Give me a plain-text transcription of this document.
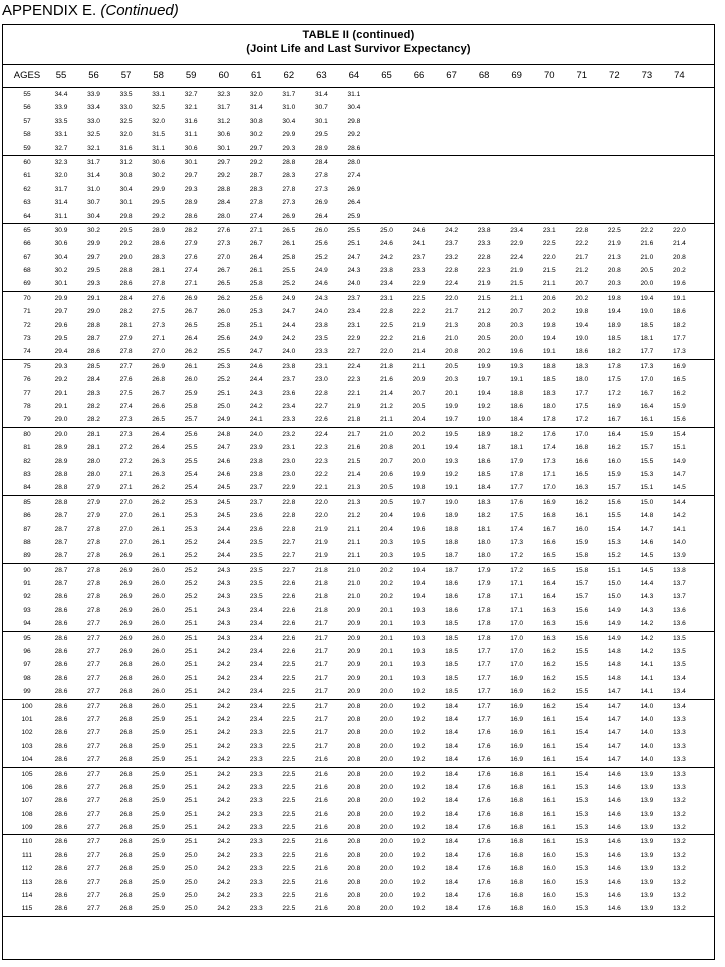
APPENDIX E. (Continued)
TABLE II (continued)
(Joint Life and Last Survivor Expectancy)
AGES	55	56	57	58	59	60	61	62	63	64	65	66	67	68	69	70	71	72	73	74
55	34.4	33.9	33.5	33.1	32.7	32.3	32.0	31.7	31.4	31.1
56	33.9	33.4	33.0	32.5	32.1	31.7	31.4	31.0	30.7	30.4
57	33.5	33.0	32.5	32.0	31.6	31.2	30.8	30.4	30.1	29.8
58	33.1	32.5	32.0	31.5	31.1	30.6	30.2	29.9	29.5	29.2
59	32.7	32.1	31.6	31.1	30.6	30.1	29.7	29.3	28.9	28.6
60	32.3	31.7	31.2	30.6	30.1	29.7	29.2	28.8	28.4	28.0
61	32.0	31.4	30.8	30.2	29.7	29.2	28.7	28.3	27.8	27.4
62	31.7	31.0	30.4	29.9	29.3	28.8	28.3	27.8	27.3	26.9
63	31.4	30.7	30.1	29.5	28.9	28.4	27.8	27.3	26.9	26.4
64	31.1	30.4	29.8	29.2	28.6	28.0	27.4	26.9	26.4	25.9
65	30.9	30.2	29.5	28.9	28.2	27.6	27.1	26.5	26.0	25.5	25.0	24.6	24.2	23.8	23.4	23.1	22.8	22.5	22.2	22.0
66	30.6	29.9	29.2	28.6	27.9	27.3	26.7	26.1	25.6	25.1	24.6	24.1	23.7	23.3	22.9	22.5	22.2	21.9	21.6	21.4
67	30.4	29.7	29.0	28.3	27.6	27.0	26.4	25.8	25.2	24.7	24.2	23.7	23.2	22.8	22.4	22.0	21.7	21.3	21.0	20.8
68	30.2	29.5	28.8	28.1	27.4	26.7	26.1	25.5	24.9	24.3	23.8	23.3	22.8	22.3	21.9	21.5	21.2	20.8	20.5	20.2
69	30.1	29.3	28.6	27.8	27.1	26.5	25.8	25.2	24.6	24.0	23.4	22.9	22.4	21.9	21.5	21.1	20.7	20.3	20.0	19.6
70	29.9	29.1	28.4	27.6	26.9	26.2	25.6	24.9	24.3	23.7	23.1	22.5	22.0	21.5	21.1	20.6	20.2	19.8	19.4	19.1
71	29.7	29.0	28.2	27.5	26.7	26.0	25.3	24.7	24.0	23.4	22.8	22.2	21.7	21.2	20.7	20.2	19.8	19.4	19.0	18.6
72	29.6	28.8	28.1	27.3	26.5	25.8	25.1	24.4	23.8	23.1	22.5	21.9	21.3	20.8	20.3	19.8	19.4	18.9	18.5	18.2
73	29.5	28.7	27.9	27.1	26.4	25.6	24.9	24.2	23.5	22.9	22.2	21.6	21.0	20.5	20.0	19.4	19.0	18.5	18.1	17.7
74	29.4	28.6	27.8	27.0	26.2	25.5	24.7	24.0	23.3	22.7	22.0	21.4	20.8	20.2	19.6	19.1	18.6	18.2	17.7	17.3
75	29.3	28.5	27.7	26.9	26.1	25.3	24.6	23.8	23.1	22.4	21.8	21.1	20.5	19.9	19.3	18.8	18.3	17.8	17.3	16.9
76	29.2	28.4	27.6	26.8	26.0	25.2	24.4	23.7	23.0	22.3	21.6	20.9	20.3	19.7	19.1	18.5	18.0	17.5	17.0	16.5
77	29.1	28.3	27.5	26.7	25.9	25.1	24.3	23.6	22.8	22.1	21.4	20.7	20.1	19.4	18.8	18.3	17.7	17.2	16.7	16.2
78	29.1	28.2	27.4	26.6	25.8	25.0	24.2	23.4	22.7	21.9	21.2	20.5	19.9	19.2	18.6	18.0	17.5	16.9	16.4	15.9
79	29.0	28.2	27.3	26.5	25.7	24.9	24.1	23.3	22.6	21.8	21.1	20.4	19.7	19.0	18.4	17.8	17.2	16.7	16.1	15.6
80	29.0	28.1	27.3	26.4	25.6	24.8	24.0	23.2	22.4	21.7	21.0	20.2	19.5	18.9	18.2	17.6	17.0	16.4	15.9	15.4
81	28.9	28.1	27.2	26.4	25.5	24.7	23.9	23.1	22.3	21.6	20.8	20.1	19.4	18.7	18.1	17.4	16.8	16.2	15.7	15.1
82	28.9	28.0	27.2	26.3	25.5	24.6	23.8	23.0	22.3	21.5	20.7	20.0	19.3	18.6	17.9	17.3	16.6	16.0	15.5	14.9
83	28.8	28.0	27.1	26.3	25.4	24.6	23.8	23.0	22.2	21.4	20.6	19.9	19.2	18.5	17.8	17.1	16.5	15.9	15.3	14.7
84	28.8	27.9	27.1	26.2	25.4	24.5	23.7	22.9	22.1	21.3	20.5	19.8	19.1	18.4	17.7	17.0	16.3	15.7	15.1	14.5
85	28.8	27.9	27.0	26.2	25.3	24.5	23.7	22.8	22.0	21.3	20.5	19.7	19.0	18.3	17.6	16.9	16.2	15.6	15.0	14.4
86	28.7	27.9	27.0	26.1	25.3	24.5	23.6	22.8	22.0	21.2	20.4	19.6	18.9	18.2	17.5	16.8	16.1	15.5	14.8	14.2
87	28.7	27.8	27.0	26.1	25.3	24.4	23.6	22.8	21.9	21.1	20.4	19.6	18.8	18.1	17.4	16.7	16.0	15.4	14.7	14.1
88	28.7	27.8	27.0	26.1	25.2	24.4	23.5	22.7	21.9	21.1	20.3	19.5	18.8	18.0	17.3	16.6	15.9	15.3	14.6	14.0
89	28.7	27.8	26.9	26.1	25.2	24.4	23.5	22.7	21.9	21.1	20.3	19.5	18.7	18.0	17.2	16.5	15.8	15.2	14.5	13.9
90	28.7	27.8	26.9	26.0	25.2	24.3	23.5	22.7	21.8	21.0	20.2	19.4	18.7	17.9	17.2	16.5	15.8	15.1	14.5	13.8
91	28.7	27.8	26.9	26.0	25.2	24.3	23.5	22.6	21.8	21.0	20.2	19.4	18.6	17.9	17.1	16.4	15.7	15.0	14.4	13.7
92	28.6	27.8	26.9	26.0	25.2	24.3	23.5	22.6	21.8	21.0	20.2	19.4	18.6	17.8	17.1	16.4	15.7	15.0	14.3	13.7
93	28.6	27.8	26.9	26.0	25.1	24.3	23.4	22.6	21.8	20.9	20.1	19.3	18.6	17.8	17.1	16.3	15.6	14.9	14.3	13.6
94	28.6	27.7	26.9	26.0	25.1	24.3	23.4	22.6	21.7	20.9	20.1	19.3	18.5	17.8	17.0	16.3	15.6	14.9	14.2	13.6
95	28.6	27.7	26.9	26.0	25.1	24.3	23.4	22.6	21.7	20.9	20.1	19.3	18.5	17.8	17.0	16.3	15.6	14.9	14.2	13.5
96	28.6	27.7	26.9	26.0	25.1	24.2	23.4	22.6	21.7	20.9	20.1	19.3	18.5	17.7	17.0	16.2	15.5	14.8	14.2	13.5
97	28.6	27.7	26.8	26.0	25.1	24.2	23.4	22.5	21.7	20.9	20.1	19.3	18.5	17.7	17.0	16.2	15.5	14.8	14.1	13.5
98	28.6	27.7	26.8	26.0	25.1	24.2	23.4	22.5	21.7	20.9	20.1	19.3	18.5	17.7	16.9	16.2	15.5	14.8	14.1	13.4
99	28.6	27.7	26.8	26.0	25.1	24.2	23.4	22.5	21.7	20.9	20.0	19.2	18.5	17.7	16.9	16.2	15.5	14.7	14.1	13.4
100	28.6	27.7	26.8	26.0	25.1	24.2	23.4	22.5	21.7	20.8	20.0	19.2	18.4	17.7	16.9	16.2	15.4	14.7	14.0	13.4
101	28.6	27.7	26.8	25.9	25.1	24.2	23.4	22.5	21.7	20.8	20.0	19.2	18.4	17.7	16.9	16.1	15.4	14.7	14.0	13.3
102	28.6	27.7	26.8	25.9	25.1	24.2	23.3	22.5	21.7	20.8	20.0	19.2	18.4	17.6	16.9	16.1	15.4	14.7	14.0	13.3
103	28.6	27.7	26.8	25.9	25.1	24.2	23.3	22.5	21.7	20.8	20.0	19.2	18.4	17.6	16.9	16.1	15.4	14.7	14.0	13.3
104	28.6	27.7	26.8	25.9	25.1	24.2	23.3	22.5	21.6	20.8	20.0	19.2	18.4	17.6	16.9	16.1	15.4	14.7	14.0	13.3
105	28.6	27.7	26.8	25.9	25.1	24.2	23.3	22.5	21.6	20.8	20.0	19.2	18.4	17.6	16.8	16.1	15.4	14.6	13.9	13.3
106	28.6	27.7	26.8	25.9	25.1	24.2	23.3	22.5	21.6	20.8	20.0	19.2	18.4	17.6	16.8	16.1	15.3	14.6	13.9	13.3
107	28.6	27.7	26.8	25.9	25.1	24.2	23.3	22.5	21.6	20.8	20.0	19.2	18.4	17.6	16.8	16.1	15.3	14.6	13.9	13.2
108	28.6	27.7	26.8	25.9	25.1	24.2	23.3	22.5	21.6	20.8	20.0	19.2	18.4	17.6	16.8	16.1	15.3	14.6	13.9	13.2
109	28.6	27.7	26.8	25.9	25.1	24.2	23.3	22.5	21.6	20.8	20.0	19.2	18.4	17.6	16.8	16.1	15.3	14.6	13.9	13.2
110	28.6	27.7	26.8	25.9	25.1	24.2	23.3	22.5	21.6	20.8	20.0	19.2	18.4	17.6	16.8	16.1	15.3	14.6	13.9	13.2
111	28.6	27.7	26.8	25.9	25.0	24.2	23.3	22.5	21.6	20.8	20.0	19.2	18.4	17.6	16.8	16.0	15.3	14.6	13.9	13.2
112	28.6	27.7	26.8	25.9	25.0	24.2	23.3	22.5	21.6	20.8	20.0	19.2	18.4	17.6	16.8	16.0	15.3	14.6	13.9	13.2
113	28.6	27.7	26.8	25.9	25.0	24.2	23.3	22.5	21.6	20.8	20.0	19.2	18.4	17.6	16.8	16.0	15.3	14.6	13.9	13.2
114	28.6	27.7	26.8	25.9	25.0	24.2	23.3	22.5	21.6	20.8	20.0	19.2	18.4	17.6	16.8	16.0	15.3	14.6	13.9	13.2
115	28.6	27.7	26.8	25.9	25.0	24.2	23.3	22.5	21.6	20.8	20.0	19.2	18.4	17.6	16.8	16.0	15.3	14.6	13.9	13.2
